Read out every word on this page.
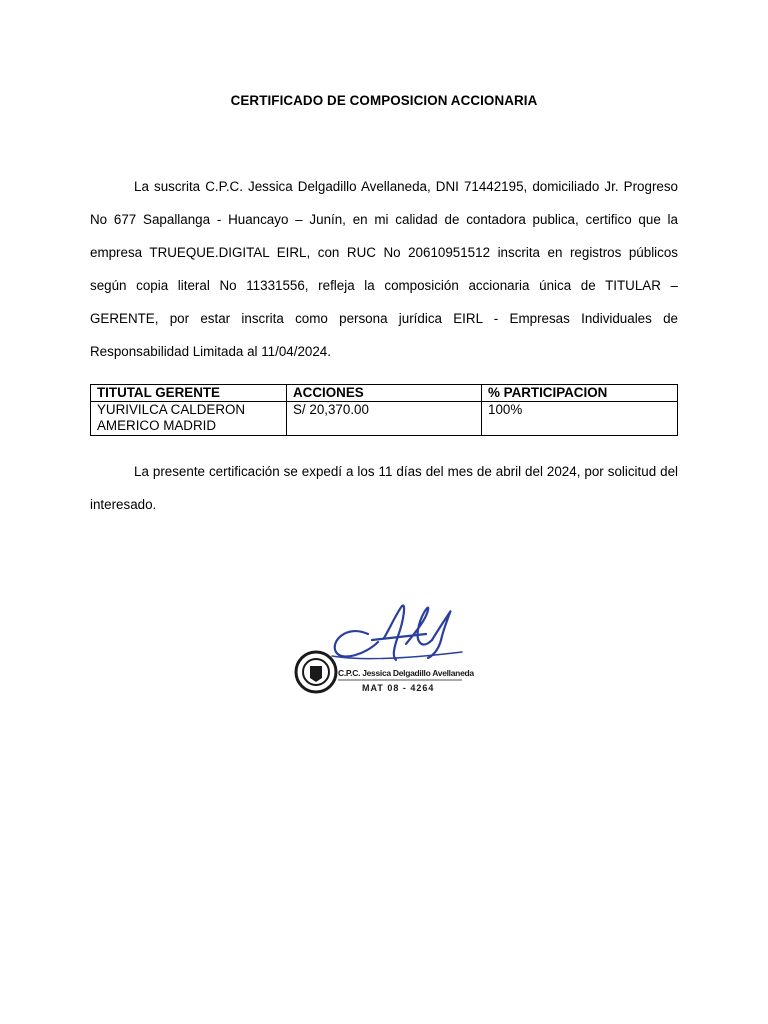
CERTIFICADO DE COMPOSICION ACCIONARIA

La suscrita C.P.C. Jessica Delgadillo Avellaneda, DNI 71442195, domiciliado Jr. Progreso No 677 Sapallanga - Huancayo – Junín, en mi calidad de contadora publica, certifico que la empresa TRUEQUE.DIGITAL EIRL, con RUC No 20610951512 inscrita en registros públicos según copia literal No 11331556, refleja la composición accionaria única de TITULAR – GERENTE, por estar inscrita como persona jurídica EIRL - Empresas Individuales de Responsabilidad Limitada al 11/04/2024.

TITUTAL GERENTE	ACCIONES	% PARTICIPACION
YURIVILCA CALDERON AMERICO MADRID	S/ 20,370.00	100%

La presente certificación se expedí a los 11 días del mes de abril del 2024, por solicitud del interesado.

C.P.C. Jessica Delgadillo Avellaneda
MAT 08 - 4264
